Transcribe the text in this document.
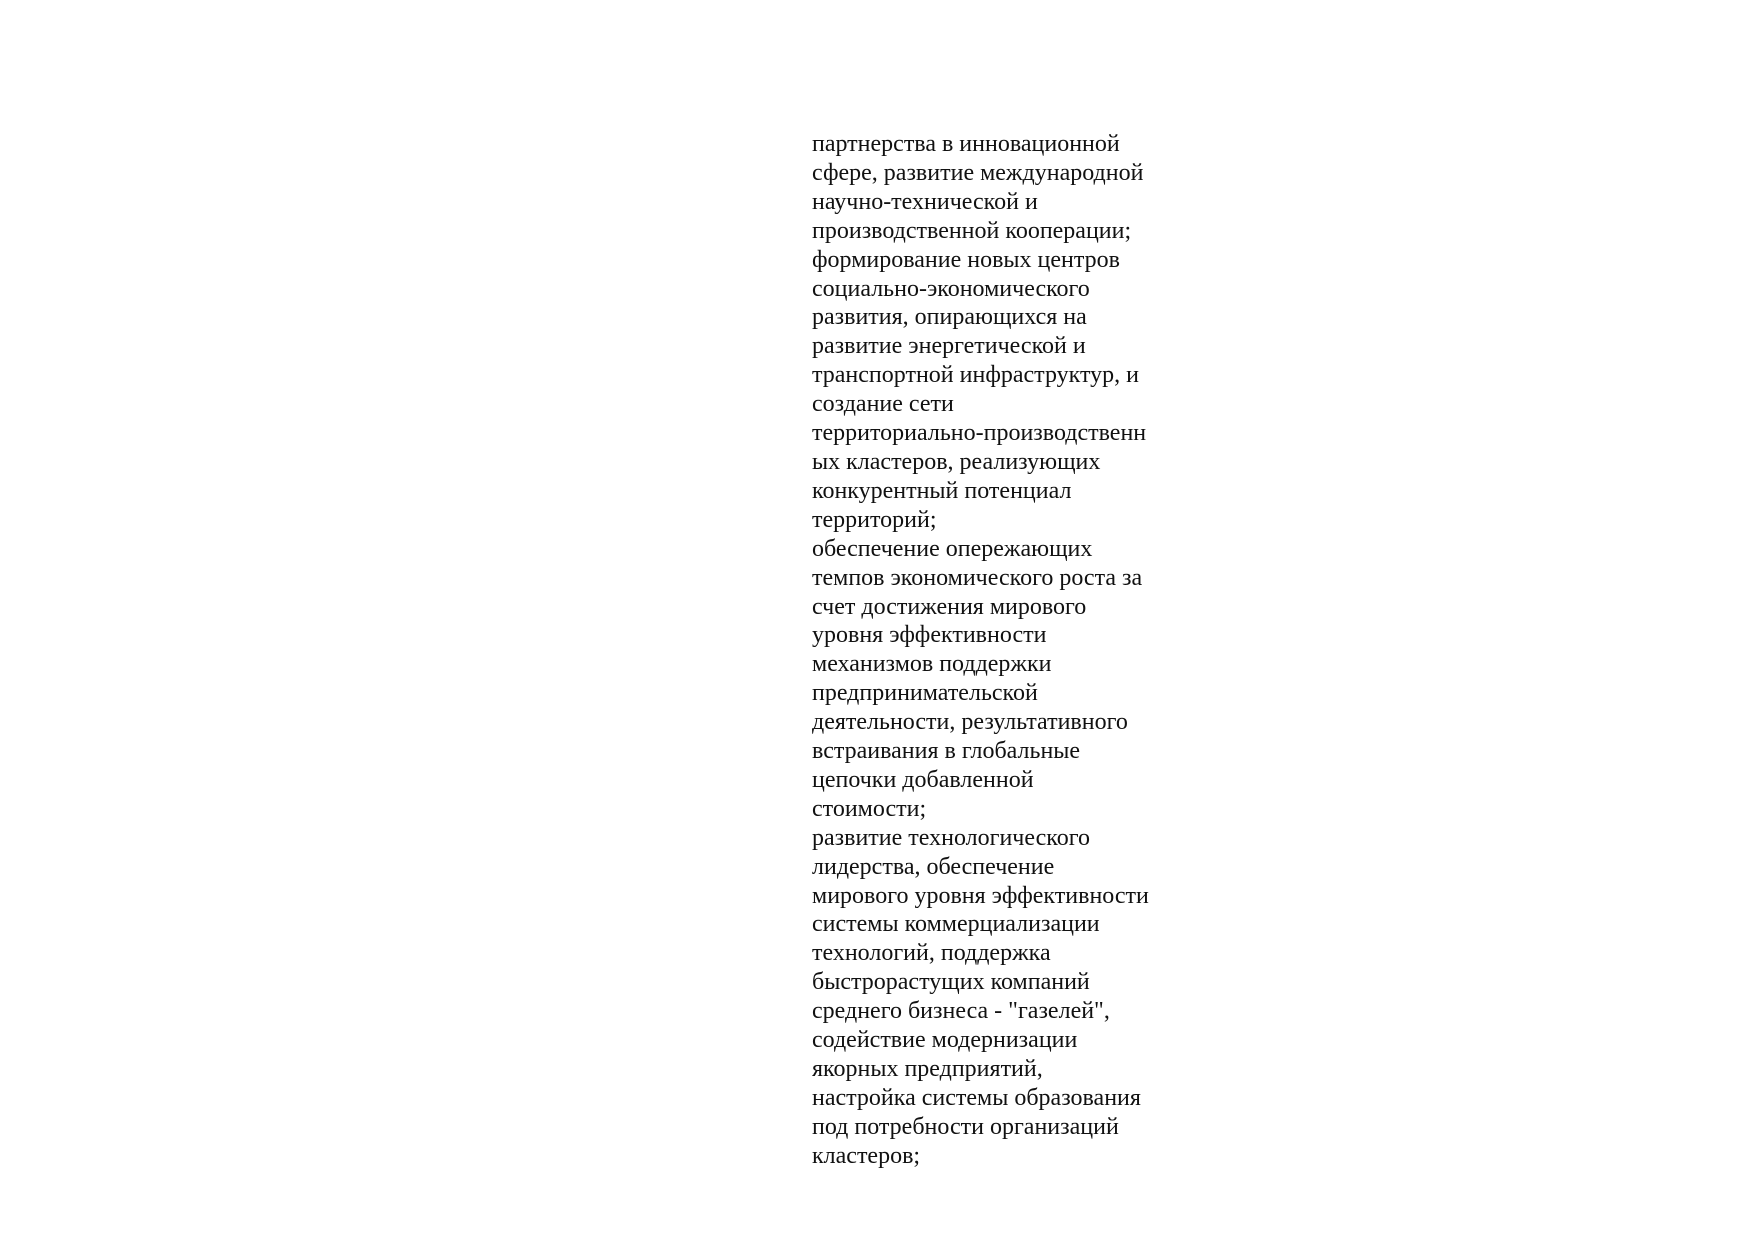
партнерства в инновационной
сфере, развитие международной
научно-технической и
производственной кооперации;
формирование новых центров
социально-экономического
развития, опирающихся на
развитие энергетической и
транспортной инфраструктур, и
создание сети
территориально-производственн
ых кластеров, реализующих
конкурентный потенциал
территорий;
обеспечение опережающих
темпов экономического роста за
счет достижения мирового
уровня эффективности
механизмов поддержки
предпринимательской
деятельности, результативного
встраивания в глобальные
цепочки добавленной
стоимости;
развитие технологического
лидерства, обеспечение
мирового уровня эффективности
системы коммерциализации
технологий, поддержка
быстрорастущих компаний
среднего бизнеса - "газелей",
содействие модернизации
якорных предприятий,
настройка системы образования
под потребности организаций
кластеров;
